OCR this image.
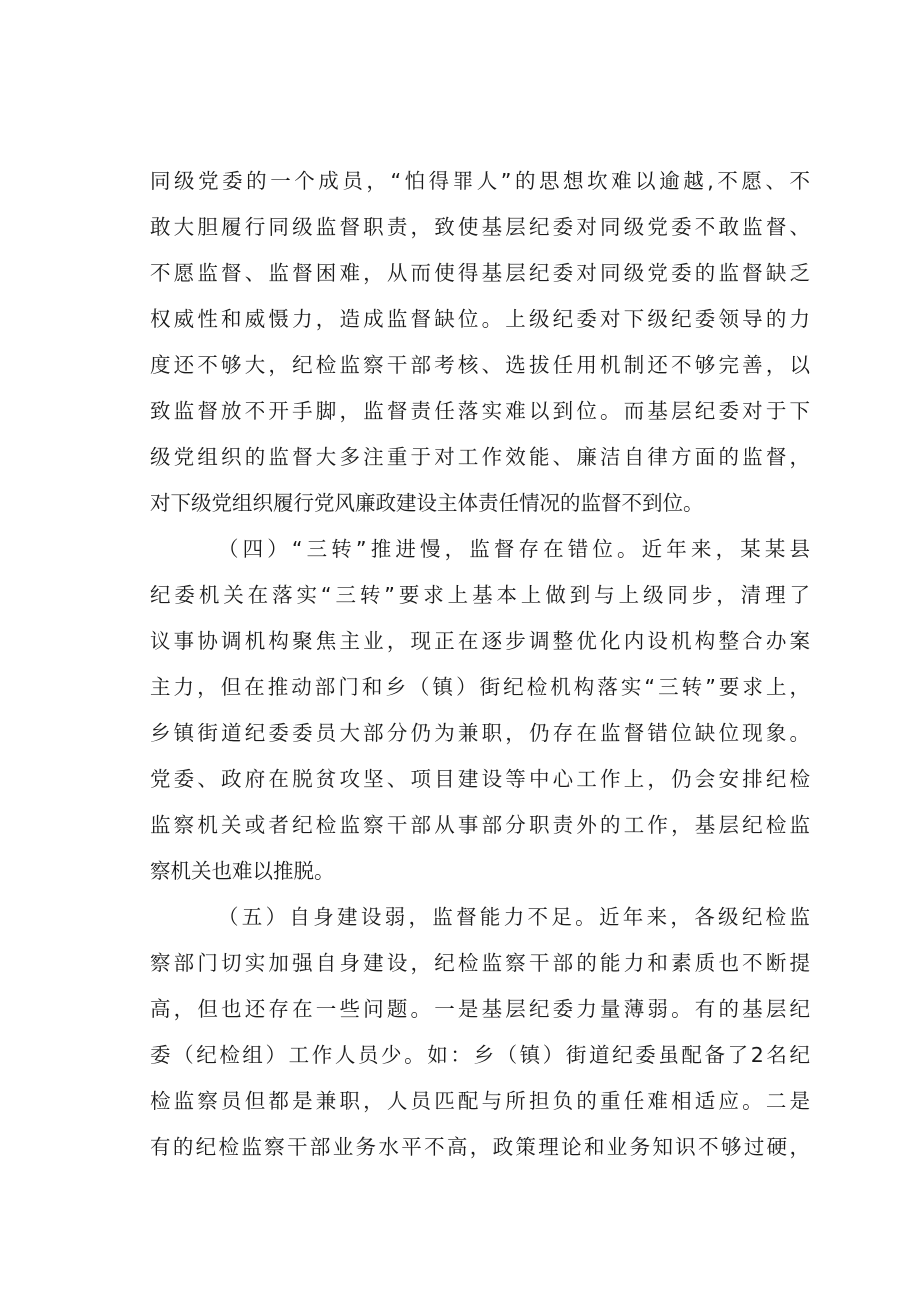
同级党委的一个成员，“怕得罪人”的思想坎难以逾越,不愿、不
敢大胆履行同级监督职责，致使基层纪委对同级党委不敢监督、
不愿监督、监督困难，从而使得基层纪委对同级党委的监督缺乏
权威性和威慑力，造成监督缺位。上级纪委对下级纪委领导的力
度还不够大，纪检监察干部考核、选拔任用机制还不够完善，以
致监督放不开手脚，监督责任落实难以到位。而基层纪委对于下
级党组织的监督大多注重于对工作效能、廉洁自律方面的监督，
对下级党组织履行党风廉政建设主体责任情况的监督不到位。
（四）“三转”推进慢，监督存在错位。近年来，某某县
纪委机关在落实“三转”要求上基本上做到与上级同步，清理了
议事协调机构聚焦主业，现正在逐步调整优化内设机构整合办案
主力，但在推动部门和乡（镇）街纪检机构落实“三转”要求上，
乡镇街道纪委委员大部分仍为兼职，仍存在监督错位缺位现象。
党委、政府在脱贫攻坚、项目建设等中心工作上，仍会安排纪检
监察机关或者纪检监察干部从事部分职责外的工作，基层纪检监
察机关也难以推脱。
（五）自身建设弱，监督能力不足。近年来，各级纪检监
察部门切实加强自身建设，纪检监察干部的能力和素质也不断提
高，但也还存在一些问题。一是基层纪委力量薄弱。有的基层纪
委（纪检组）工作人员少。如：乡（镇）街道纪委虽配备了2名纪
检监察员但都是兼职，人员匹配与所担负的重任难相适应。二是
有的纪检监察干部业务水平不高，政策理论和业务知识不够过硬，
